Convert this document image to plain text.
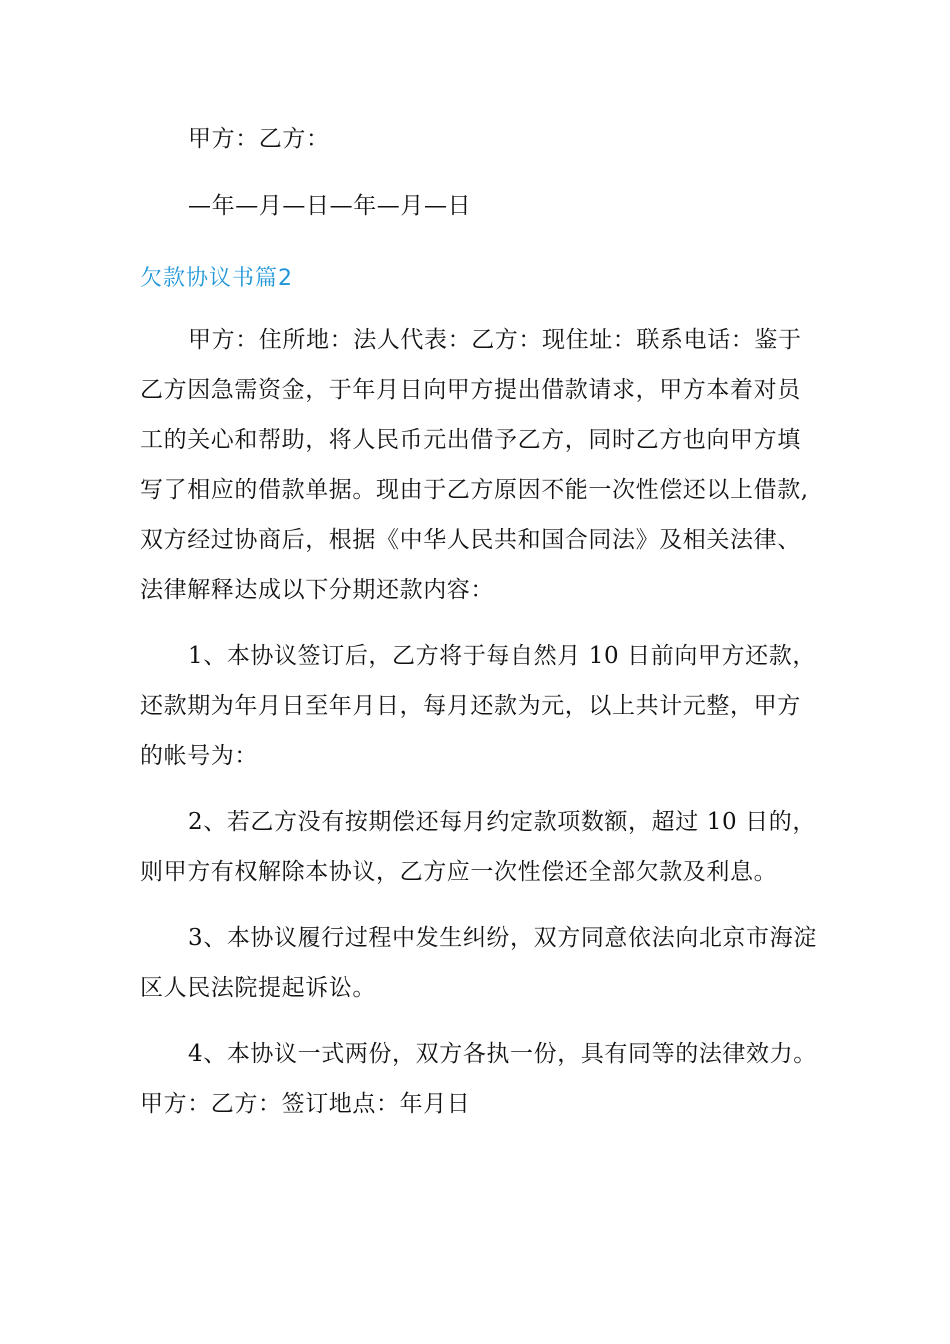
甲方：乙方：
—年—月—日—年—月—日
欠款协议书篇2
甲方：住所地：法人代表：乙方：现住址：联系电话：鉴于
乙方因急需资金，于年月日向甲方提出借款请求，甲方本着对员
工的关心和帮助，将人民币元出借予乙方，同时乙方也向甲方填
写了相应的借款单据。现由于乙方原因不能一次性偿还以上借款,
双方经过协商后，根据《中华人民共和国合同法》及相关法律、
法律解释达成以下分期还款内容：
1、本协议签订后，乙方将于每自然月 10 日前向甲方还款，
还款期为年月日至年月日，每月还款为元，以上共计元整，甲方
的帐号为：
2、若乙方没有按期偿还每月约定款项数额，超过 10 日的，
则甲方有权解除本协议，乙方应一次性偿还全部欠款及利息。
3、本协议履行过程中发生纠纷，双方同意依法向北京市海淀
区人民法院提起诉讼。
4、本协议一式两份，双方各执一份，具有同等的法律效力。
甲方：乙方：签订地点：年月日
